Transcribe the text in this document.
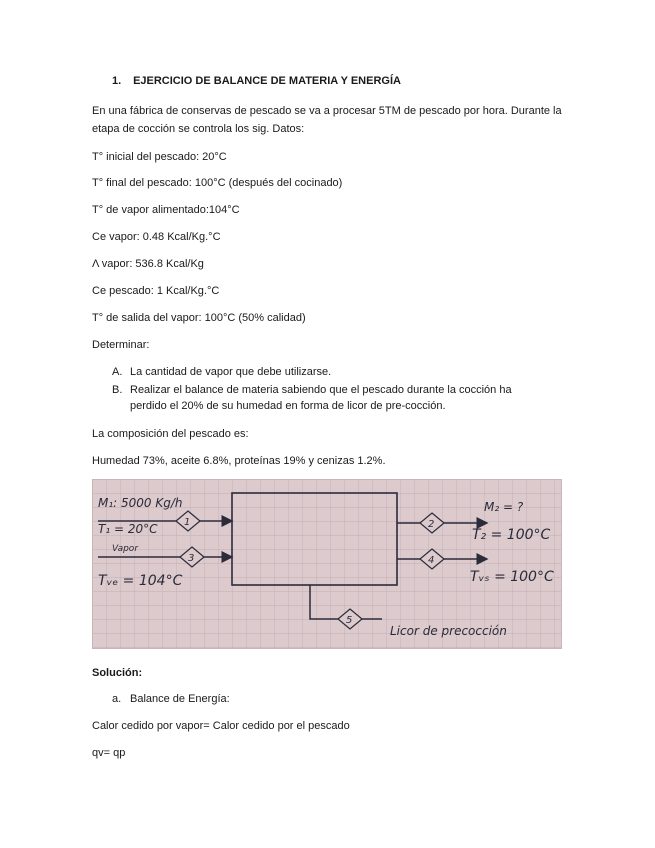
1. EJERCICIO DE BALANCE DE MATERIA Y ENERGÍA
En una fábrica de conservas de pescado se va a procesar 5TM de pescado por hora. Durante la
etapa de cocción se controla los sig. Datos:
T° inicial del pescado: 20°C
T° final del pescado: 100°C (después del cocinado)
T° de vapor alimentado:104°C
Ce vapor: 0.48 Kcal/Kg.°C
Λ vapor: 536.8 Kcal/Kg
Ce pescado: 1 Kcal/Kg.°C
T° de salida del vapor: 100°C (50% calidad)
Determinar:
A. La cantidad de vapor que debe utilizarse.
B. Realizar el balance de materia sabiendo que el pescado durante la cocción ha perdido el 20% de su humedad en forma de licor de pre-cocción.
La composición del pescado es:
Humedad 73%, aceite 6.8%, proteínas 19% y cenizas 1.2%.
1
3
2
4
5
M₁: 5000 Kg/h
T₁ = 20°C
Vapor
Tᵥₑ = 104°C
M₂ = ?
T₂ = 100°C
Tᵥₛ = 100°C
Licor de precocción
Solución:
a. Balance de Energía:
Calor cedido por vapor= Calor cedido por el pescado
qv= qp
